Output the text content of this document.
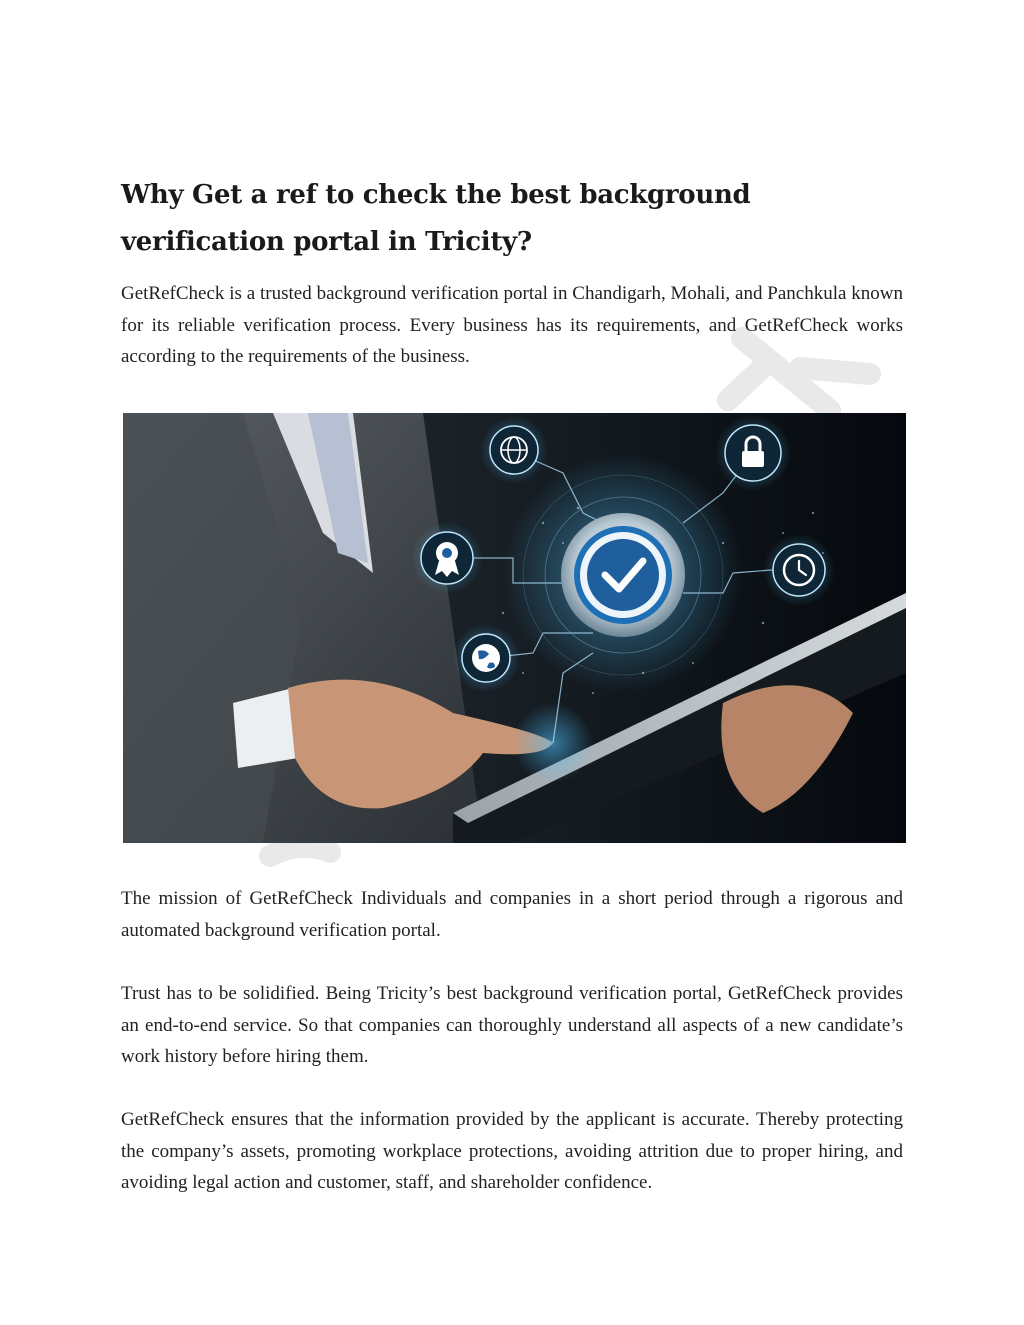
Why Get a ref to check the best background verification portal in Tricity?

GetRefCheck is a trusted background verification portal in Chandigarh, Mohali, and Panchkula known for its reliable verification process. Every business has its requirements, and GetRefCheck works according to the requirements of the business.

The mission of GetRefCheck Individuals and companies in a short period through a rigorous and automated background verification portal.

Trust has to be solidified. Being Tricity’s best background verification portal, GetRefCheck provides an end-to-end service. So that companies can thoroughly understand all aspects of a new candidate’s work history before hiring them.

GetRefCheck ensures that the information provided by the applicant is accurate. Thereby protecting the company’s assets, promoting workplace protections, avoiding attrition due to proper hiring, and avoiding legal action and customer, staff, and shareholder confidence.
